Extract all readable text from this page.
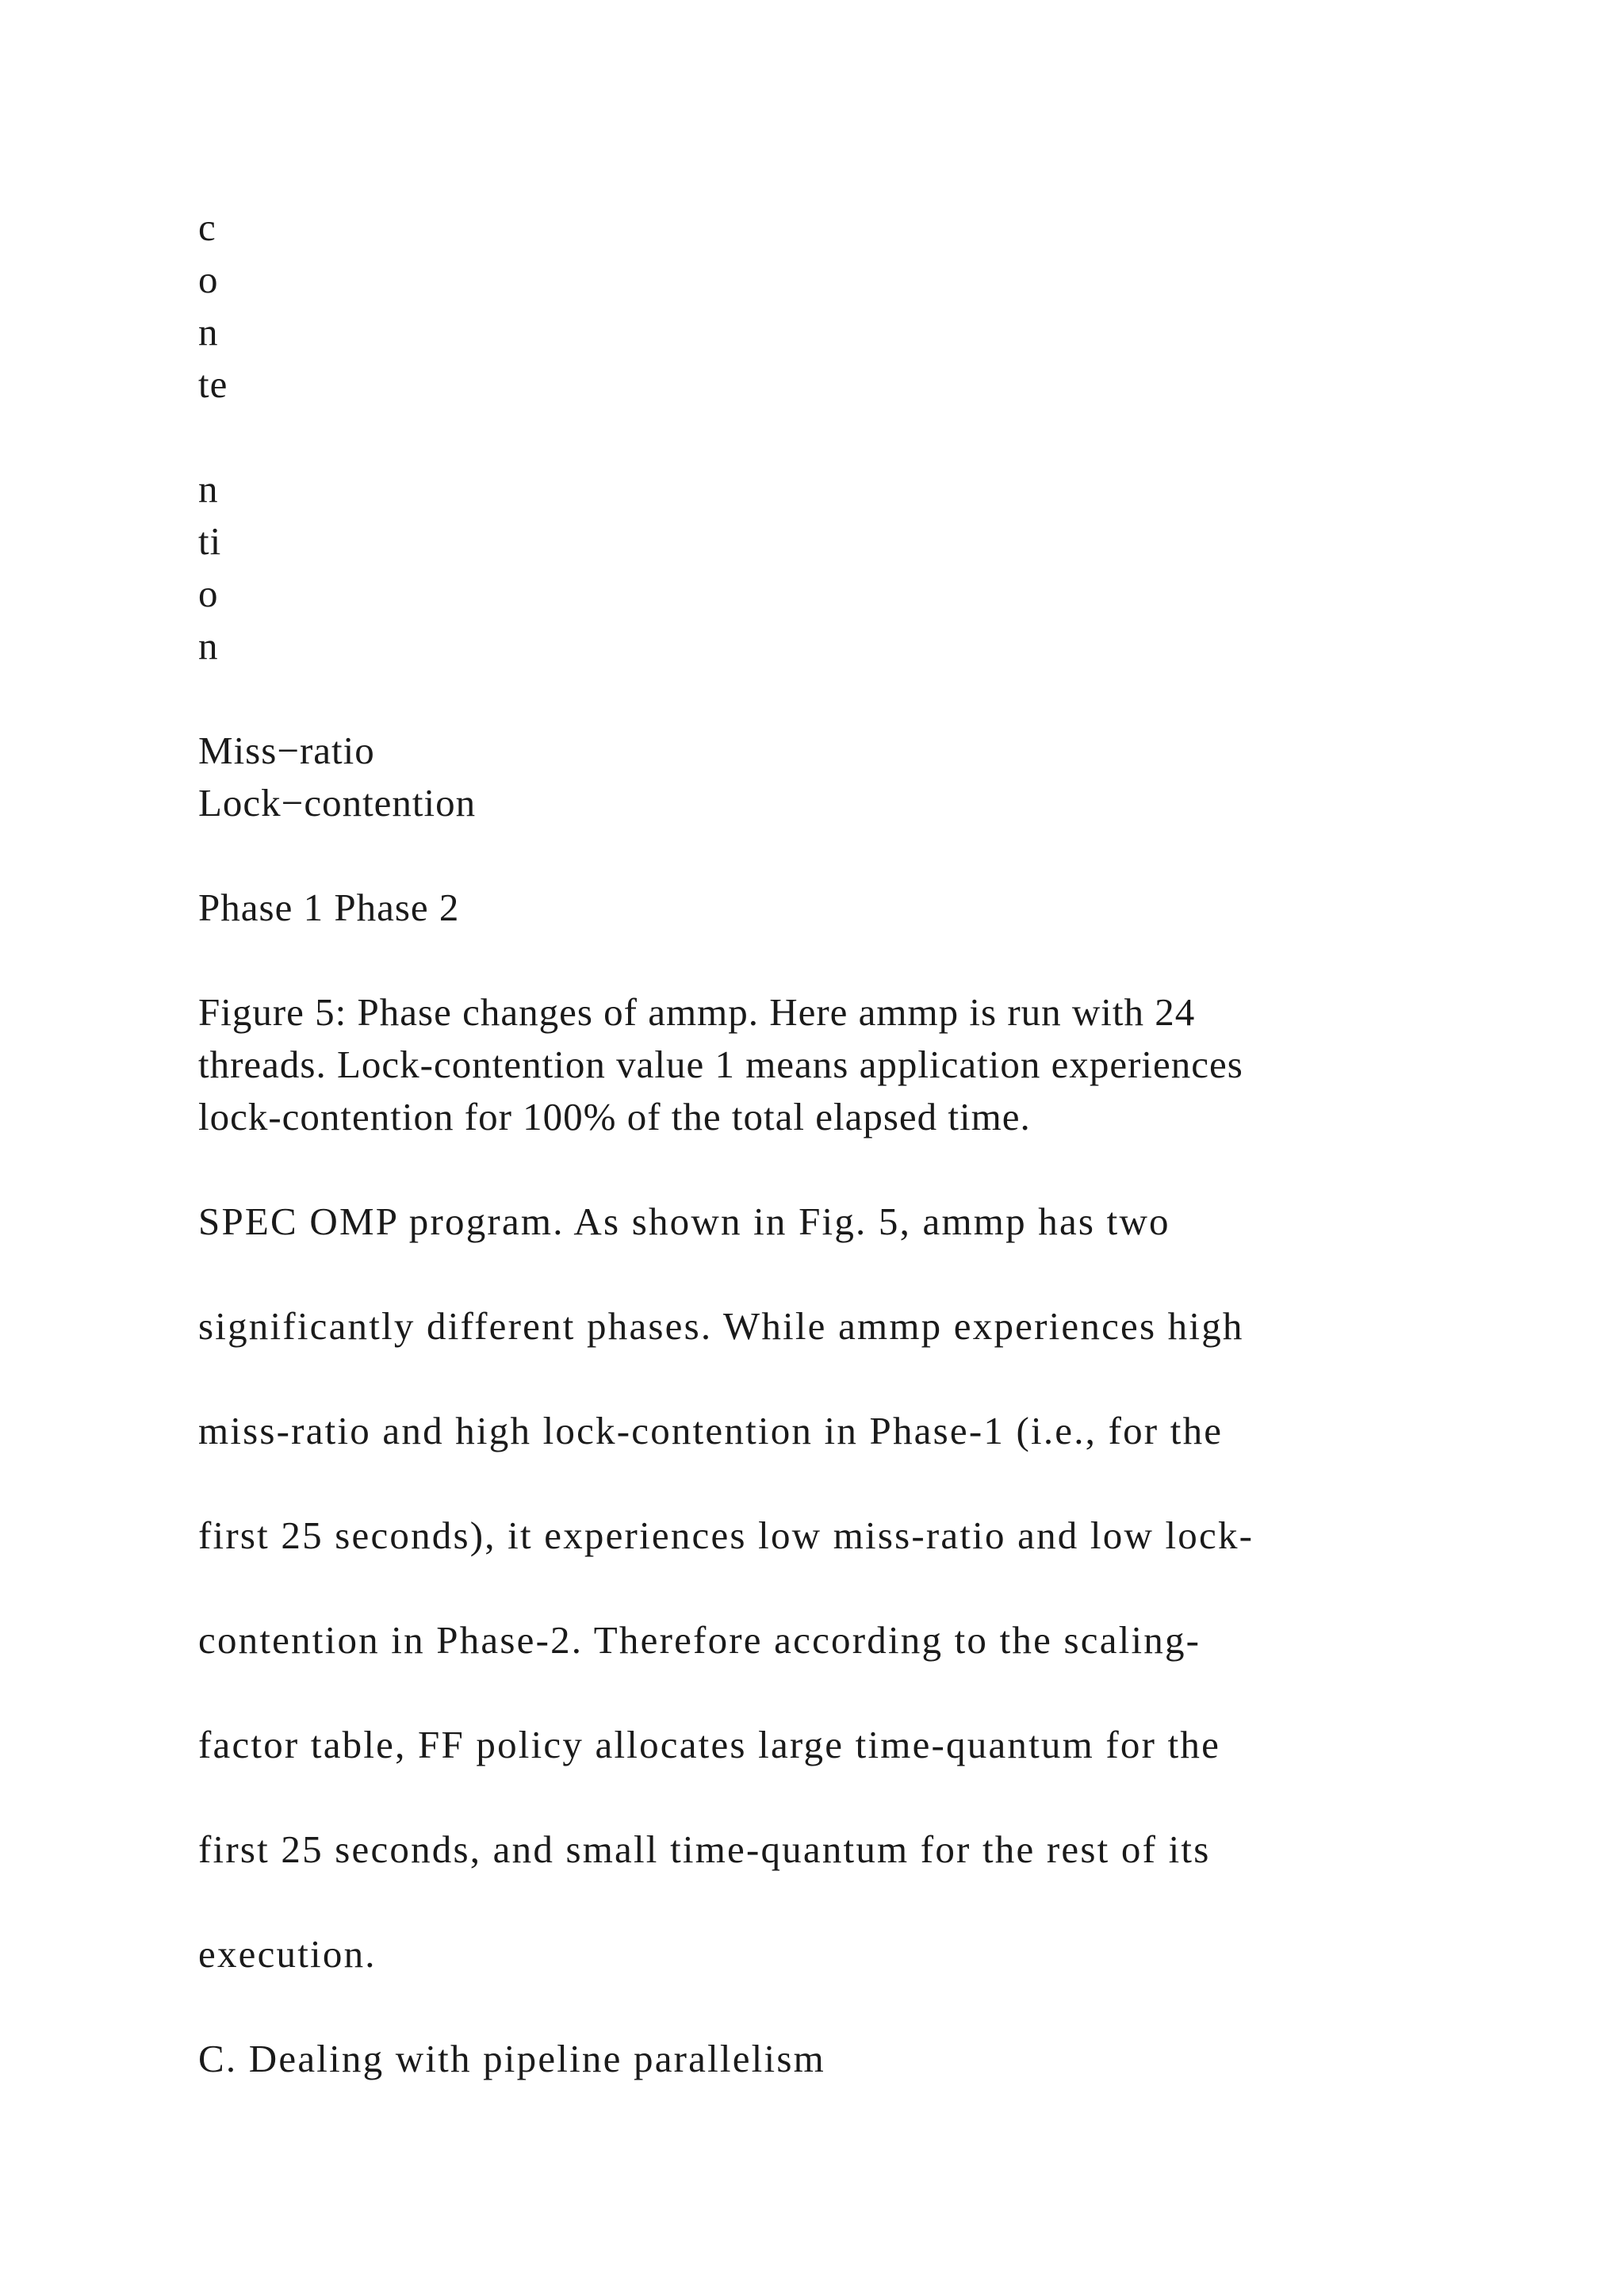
c
o
n
te
n
ti
o
n
Miss−ratio
Lock−contention
Phase 1 Phase 2
Figure 5: Phase changes of ammp. Here ammp is run with 24
threads. Lock-contention value 1 means application experiences
lock-contention for 100% of the total elapsed time.
SPEC OMP program. As shown in Fig. 5, ammp has two
significantly different phases. While ammp experiences high
miss-ratio and high lock-contention in Phase-1 (i.e., for the
first 25 seconds), it experiences low miss-ratio and low lock-
contention in Phase-2. Therefore according to the scaling-
factor table, FF policy allocates large time-quantum for the
first 25 seconds, and small time-quantum for the rest of its
execution.
C. Dealing with pipeline parallelism
